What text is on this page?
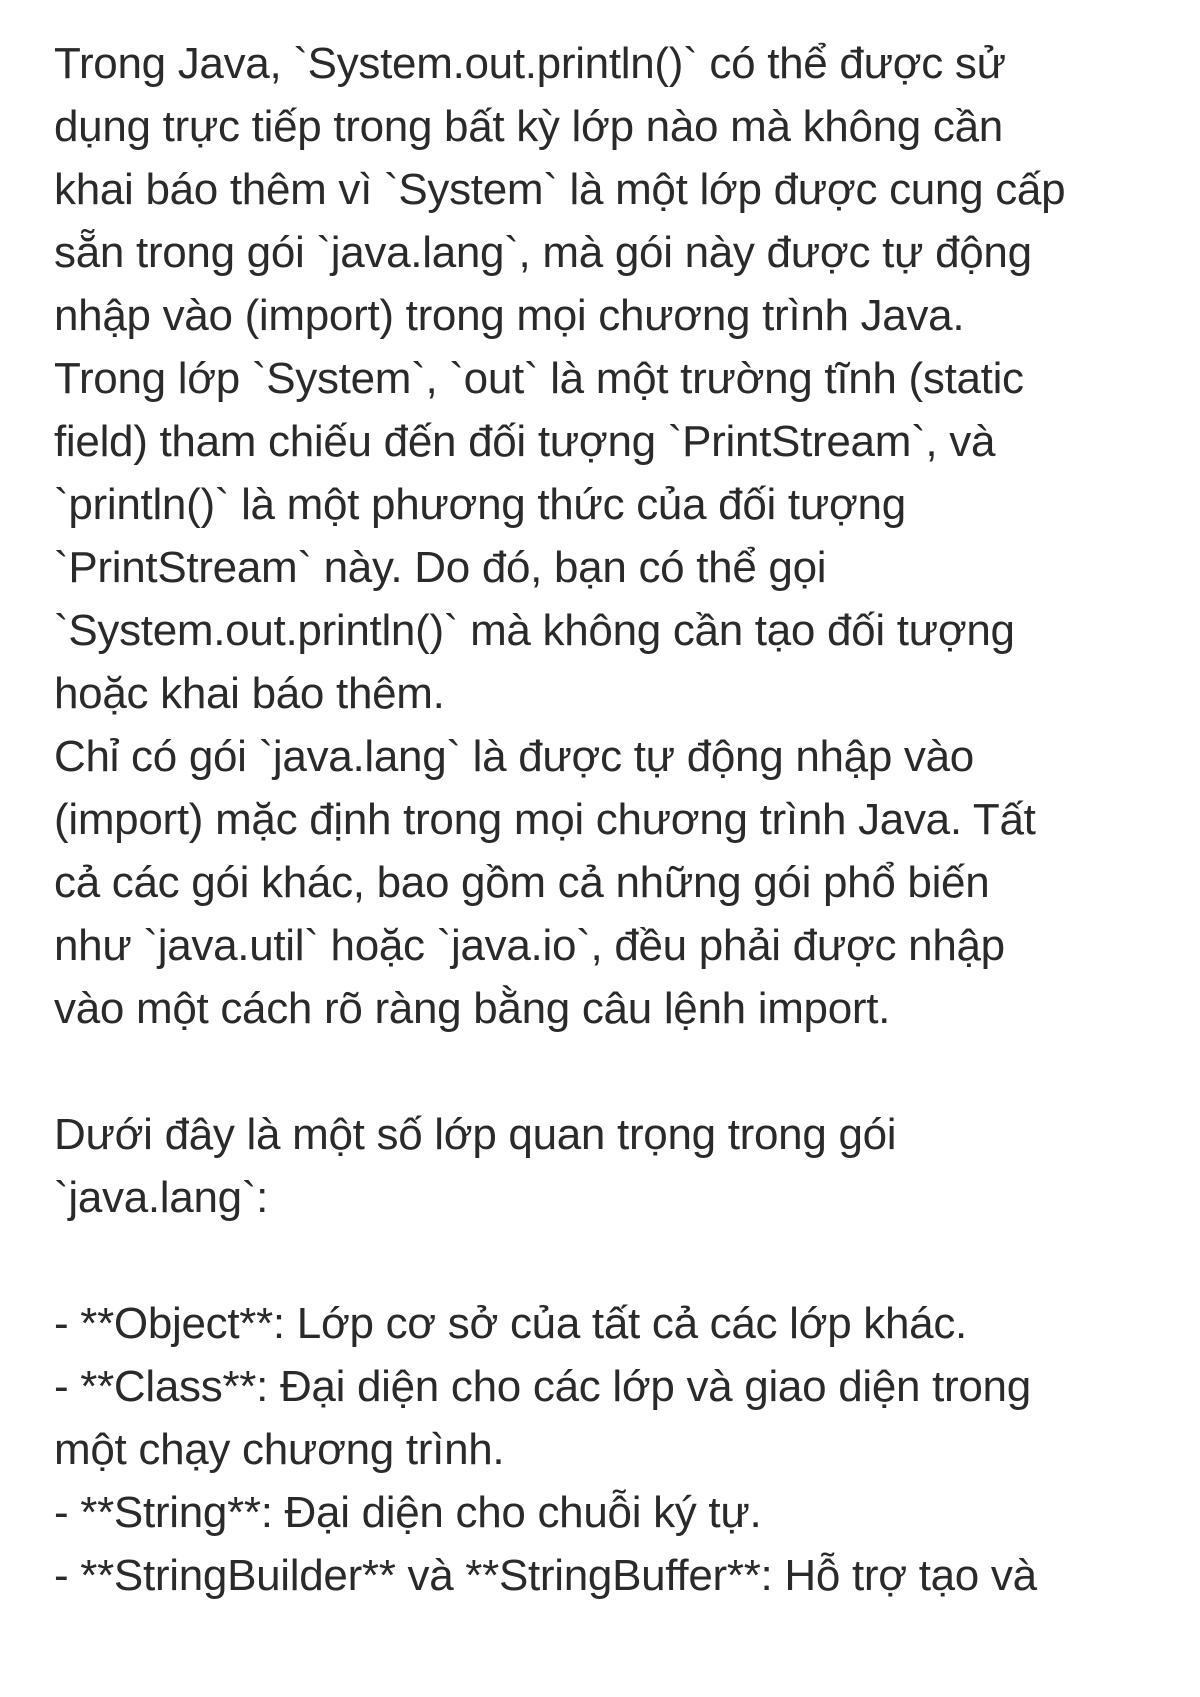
Trong Java, `System.out.println()` có thể được sử
dụng trực tiếp trong bất kỳ lớp nào mà không cần
khai báo thêm vì `System` là một lớp được cung cấp
sẵn trong gói `java.lang`, mà gói này được tự động
nhập vào (import) trong mọi chương trình Java.
Trong lớp `System`, `out` là một trường tĩnh (static
field) tham chiếu đến đối tượng `PrintStream`, và
`println()` là một phương thức của đối tượng
`PrintStream` này. Do đó, bạn có thể gọi
`System.out.println()` mà không cần tạo đối tượng
hoặc khai báo thêm.
Chỉ có gói `java.lang` là được tự động nhập vào
(import) mặc định trong mọi chương trình Java. Tất
cả các gói khác, bao gồm cả những gói phổ biến
như `java.util` hoặc `java.io`, đều phải được nhập
vào một cách rõ ràng bằng câu lệnh import.
Dưới đây là một số lớp quan trọng trong gói
`java.lang`:
- **Object**: Lớp cơ sở của tất cả các lớp khác.
- **Class**: Đại diện cho các lớp và giao diện trong
một chạy chương trình.
- **String**: Đại diện cho chuỗi ký tự.
- **StringBuilder** và **StringBuffer**: Hỗ trợ tạo và
